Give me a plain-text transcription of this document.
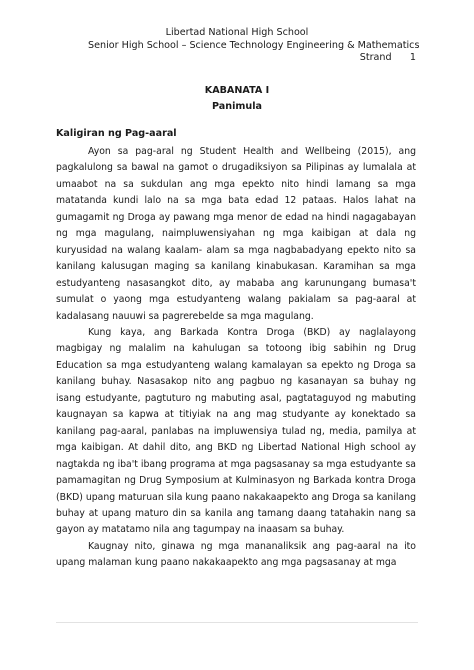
Libertad National High School
Senior High School – Science Technology Engineering & Mathematics
Strand      1
KABANATA I
Panimula
Kaligiran ng Pag-aaral

Ayon sa pag-aral ng Student Health and Wellbeing (2015), ang pagkalulong sa bawal na gamot o drugadiksiyon sa Pilipinas ay lumalala at umaabot na sa sukdulan ang mga epekto nito hindi lamang sa mga matatanda kundi lalo na sa mga bata edad 12 pataas. Halos lahat na gumagamit ng Droga ay pawang mga menor de edad na hindi nagagabayan ng mga magulang, naimpluwensiyahan ng mga kaibigan at dala ng kuryusidad na walang kaalam- alam sa mga nagbabadyang epekto nito sa kanilang kalusugan maging sa kanilang kinabukasan. Karamihan sa mga estudyanteng nasasangkot dito, ay mababa ang karunungang bumasa't sumulat o yaong mga estudyanteng walang pakialam sa pag-aaral at kadalasang nauuwi sa pagrerebelde sa mga magulang.

Kung kaya, ang Barkada Kontra Droga (BKD) ay naglalayong magbigay ng malalim na kahulugan sa totoong ibig sabihin ng Drug Education sa mga estudyanteng walang kamalayan sa epekto ng Droga sa kanilang buhay. Nasasakop nito ang pagbuo ng kasanayan sa buhay ng isang estudyante, pagtuturo ng mabuting asal, pagtataguyod ng mabuting kaugnayan sa kapwa at titiyiak na ang mag studyante ay konektado sa kanilang pag-aaral, panlabas na impluwensiya tulad ng, media, pamilya at mga kaibigan. At dahil dito, ang BKD ng Libertad National High school ay nagtakda ng iba't ibang programa at mga pagsasanay sa mga estudyante sa pamamagitan ng Drug Symposium at Kulminasyon ng Barkada kontra Droga (BKD) upang maturuan sila kung paano nakakaapekto ang Droga sa kanilang buhay at upang maturo din sa kanila ang tamang daang tatahakin nang sa gayon ay matatamo nila ang tagumpay na inaasam sa buhay.

Kaugnay nito, ginawa ng mga mananaliksik ang pag-aaral na ito upang malaman kung paano nakakaapekto ang mga pagsasanay at mga
